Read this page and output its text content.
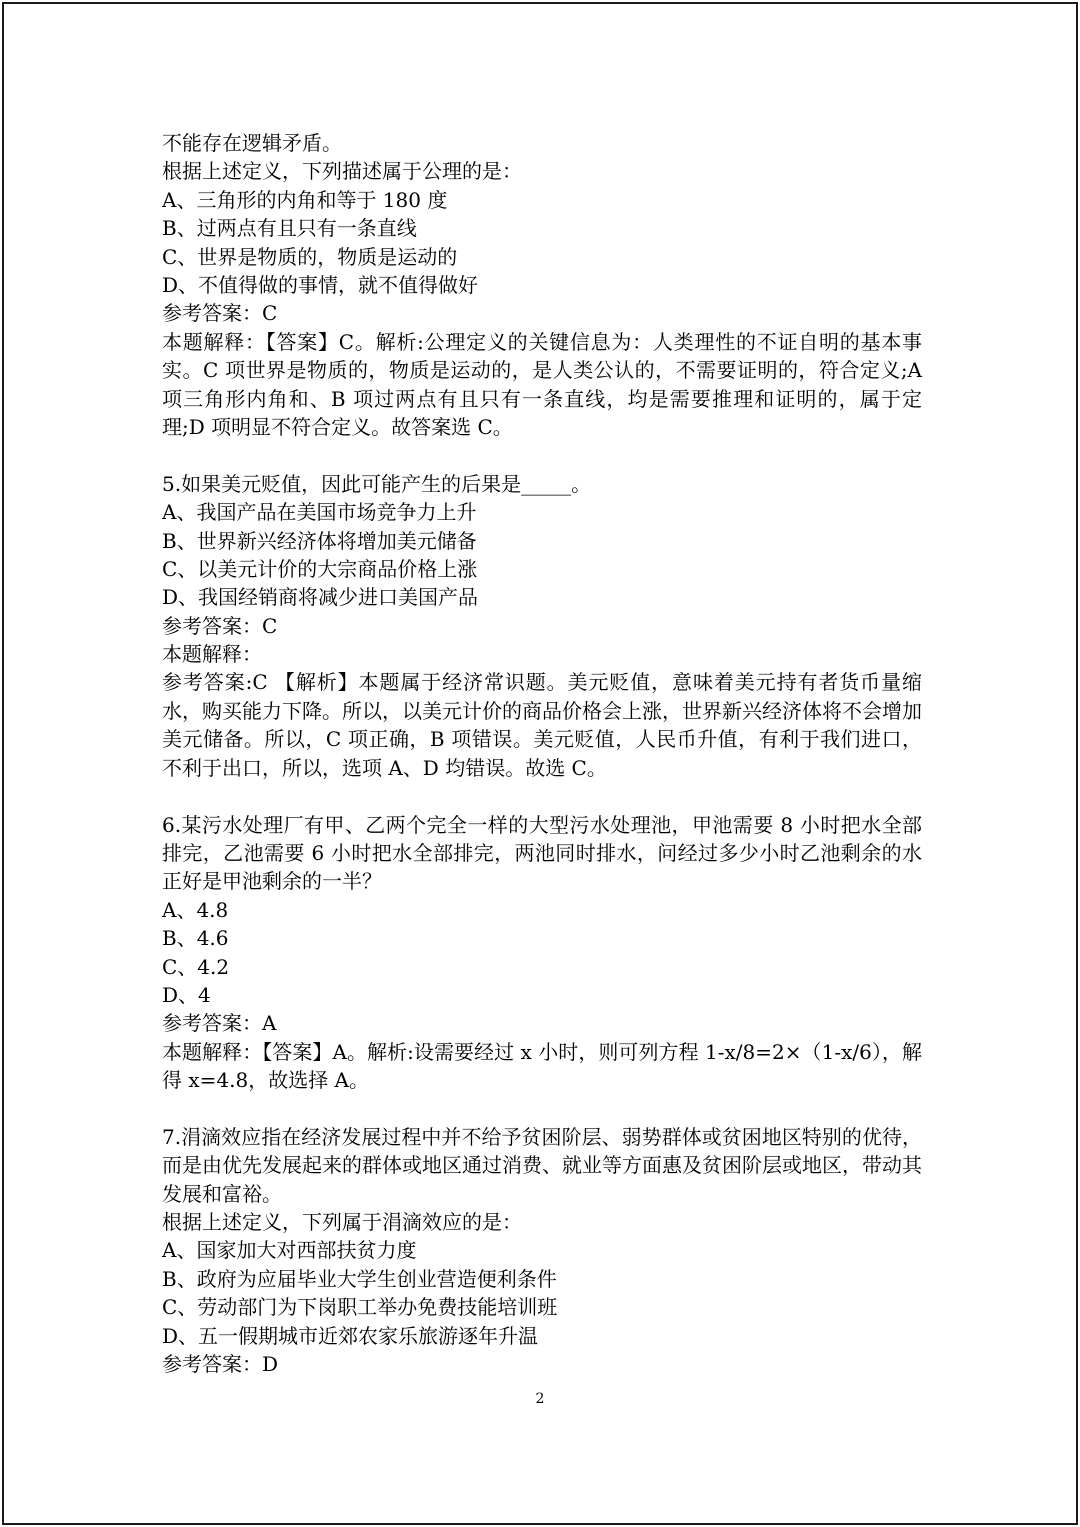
不能存在逻辑矛盾。
根据上述定义，下列描述属于公理的是：
A、三角形的内角和等于 180 度
B、过两点有且只有一条直线
C、世界是物质的，物质是运动的
D、不值得做的事情，就不值得做好
参考答案：C

本题解释：【答案】C。解析:公理定义的关键信息为：人类理性的不证自明的基本事实。C 项世界是物质的，物质是运动的，是人类公认的，不需要证明的，符合定义;A 项三角形内角和、B 项过两点有且只有一条直线，均是需要推理和证明的，属于定理;D 项明显不符合定义。故答案选 C。

5.如果美元贬值，因此可能产生的后果是_____。
A、我国产品在美国市场竞争力上升
B、世界新兴经济体将增加美元储备
C、以美元计价的大宗商品价格上涨
D、我国经销商将减少进口美国产品
参考答案：C
本题解释：

参考答案:C 【解析】本题属于经济常识题。美元贬值，意味着美元持有者货币量缩水，购买能力下降。所以，以美元计价的商品价格会上涨，世界新兴经济体将不会增加美元储备。所以，C 项正确，B 项错误。美元贬值，人民币升值，有利于我们进口，不利于出口，所以，选项 A、D 均错误。故选 C。

6.某污水处理厂有甲、乙两个完全一样的大型污水处理池，甲池需要 8 小时把水全部排完，乙池需要 6 小时把水全部排完，两池同时排水，问经过多少小时乙池剩余的水正好是甲池剩余的一半？

A、4.8
B、4.6
C、4.2
D、4
参考答案：A

本题解释：【答案】A。解析:设需要经过 x 小时，则可列方程 1-x/8=2×（1-x/6），解得 x=4.8，故选择 A。

7.涓滴效应指在经济发展过程中并不给予贫困阶层、弱势群体或贫困地区特别的优待，而是由优先发展起来的群体或地区通过消费、就业等方面惠及贫困阶层或地区，带动其发展和富裕。

根据上述定义，下列属于涓滴效应的是：
A、国家加大对西部扶贫力度
B、政府为应届毕业大学生创业营造便利条件
C、劳动部门为下岗职工举办免费技能培训班
D、五一假期城市近郊农家乐旅游逐年升温
参考答案：D
2
